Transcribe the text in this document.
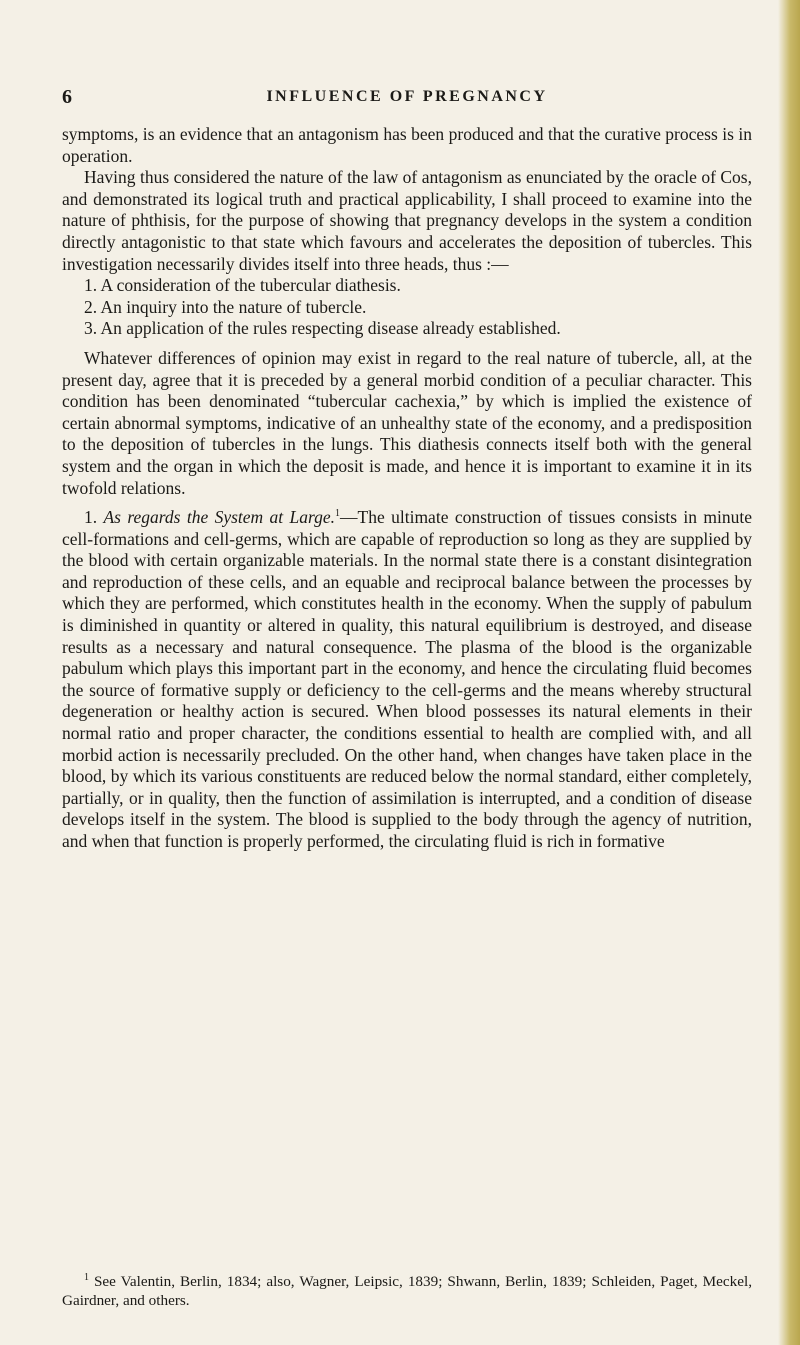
6	INFLUENCE OF PREGNANCY

symptoms, is an evidence that an antagonism has been produced and that the curative process is in operation.

Having thus considered the nature of the law of antagonism as enunciated by the oracle of Cos, and demonstrated its logical truth and practical applicability, I shall proceed to examine into the nature of phthisis, for the purpose of showing that pregnancy develops in the system a condition directly antagonistic to that state which favours and accelerates the deposition of tubercles. This investigation necessarily divides itself into three heads, thus :—

1. A consideration of the tubercular diathesis.

2. An inquiry into the nature of tubercle.

3. An application of the rules respecting disease already established.

Whatever differences of opinion may exist in regard to the real nature of tubercle, all, at the present day, agree that it is preceded by a general morbid condition of a peculiar character. This condition has been denominated “tubercular cachexia,” by which is implied the existence of certain abnormal symptoms, indicative of an unhealthy state of the economy, and a predisposition to the deposition of tubercles in the lungs. This diathesis connects itself both with the general system and the organ in which the deposit is made, and hence it is important to examine it in its twofold relations.

1. As regards the System at Large.$^1$—The ultimate construction of tissues consists in minute cell-formations and cell-germs, which are capable of reproduction so long as they are supplied by the blood with certain organizable materials. In the normal state there is a constant disintegration and reproduction of these cells, and an equable and reciprocal balance between the processes by which they are performed, which constitutes health in the economy. When the supply of pabulum is diminished in quantity or altered in quality, this natural equilibrium is destroyed, and disease results as a necessary and natural consequence. The plasma of the blood is the organizable pabulum which plays this important part in the economy, and hence the circulating fluid becomes the source of formative supply or deficiency to the cell-germs and the means whereby structural degeneration or healthy action is secured. When blood possesses its natural elements in their normal ratio and proper character, the conditions essential to health are complied with, and all morbid action is necessarily precluded. On the other hand, when changes have taken place in the blood, by which its various constituents are reduced below the normal standard, either completely, partially, or in quality, then the function of assimilation is interrupted, and a condition of disease develops itself in the system. The blood is supplied to the body through the agency of nutrition, and when that function is properly performed, the circulating fluid is rich in formative

$^1$ See Valentin, Berlin, 1834; also, Wagner, Leipsic, 1839; Shwann, Berlin, 1839; Schleiden, Paget, Meckel, Gairdner, and others.
